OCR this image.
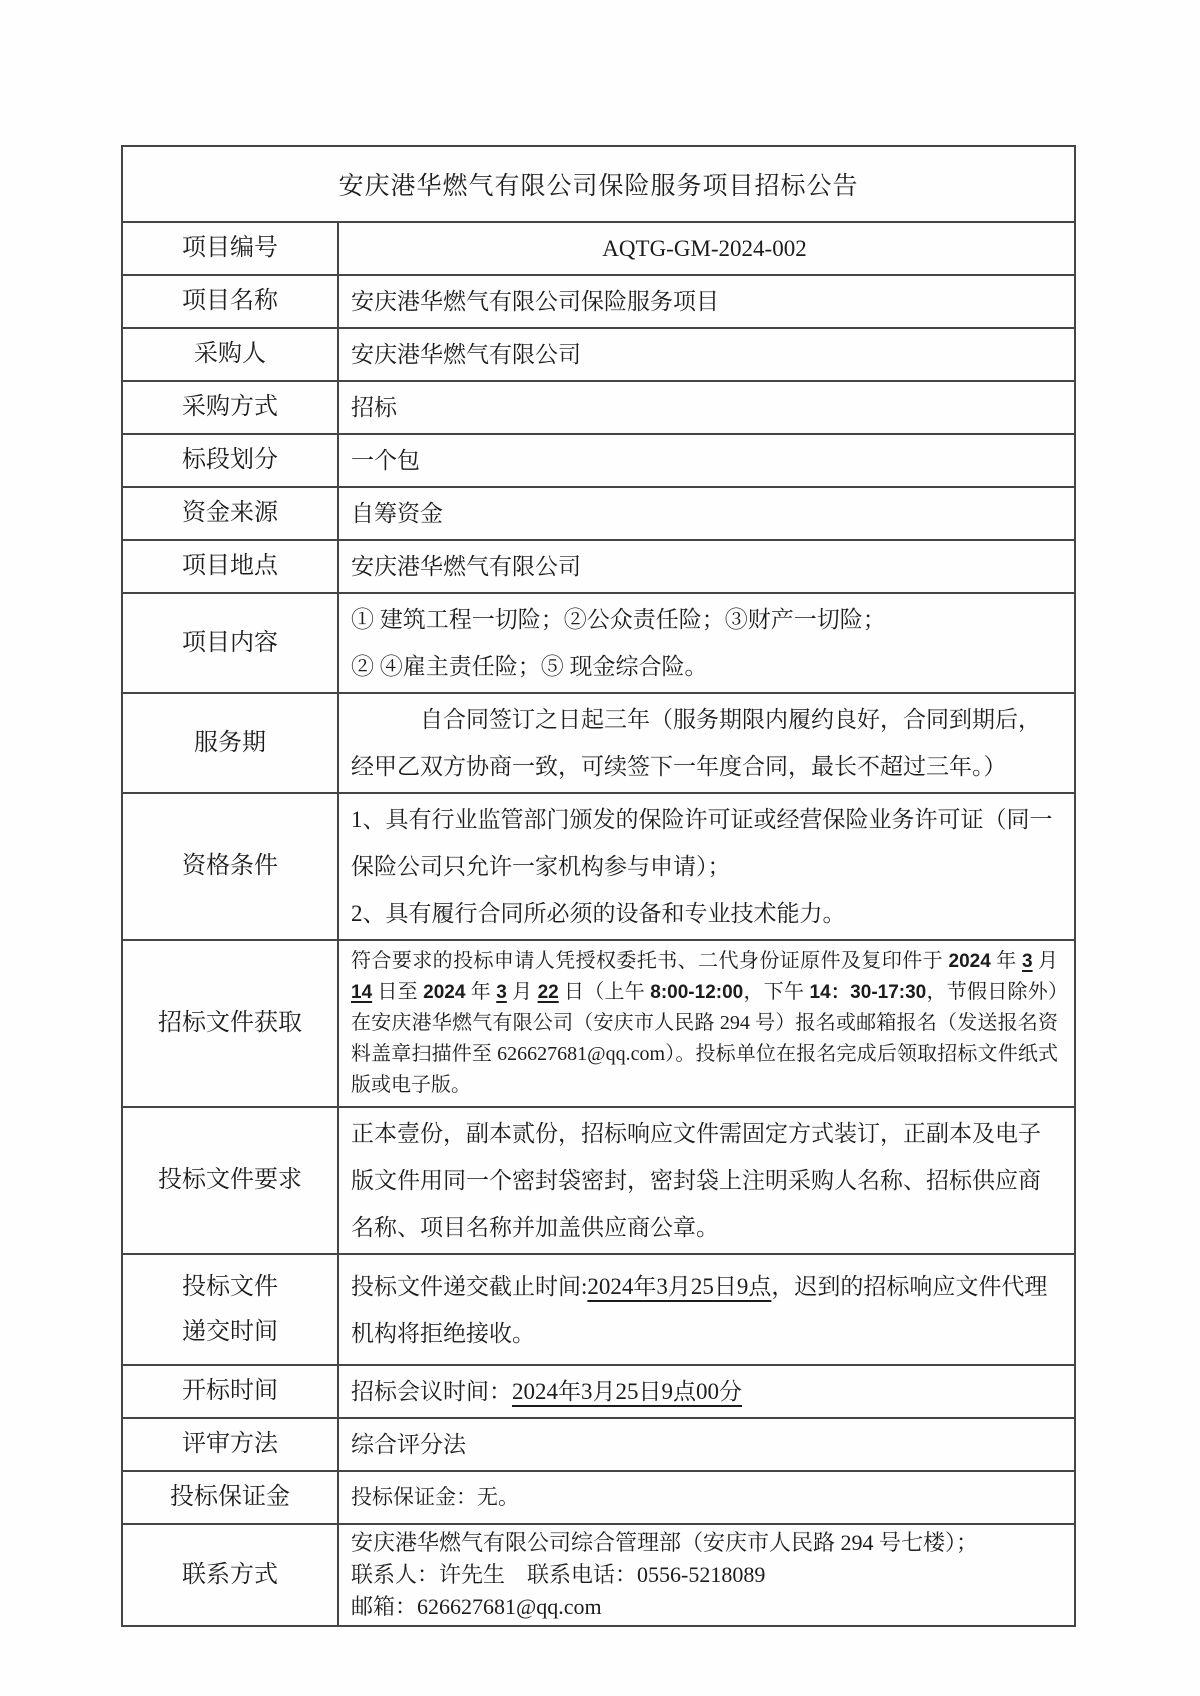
安庆港华燃气有限公司保险服务项目招标公告	

项目编号	AQTG-GM-2024-002

项目名称	安庆港华燃气有限公司保险服务项目

采购人	安庆港华燃气有限公司

采购方式	招标

标段划分	一个包

资金来源	自筹资金

项目地点	安庆港华燃气有限公司

项目内容	① 建筑工程一切险；②公众责任险；③财产一切险；
② ④雇主责任险；⑤ 现金综合险。

服务期	自合同签订之日起三年（服务期限内履约良好，合同到期后，经甲乙双方协商一致，可续签下一年度合同，最长不超过三年。）

资格条件	1、具有行业监管部门颁发的保险许可证或经营保险业务许可证（同一保险公司只允许一家机构参与申请）；
2、具有履行合同所必须的设备和专业技术能力。

招标文件获取	符合要求的投标申请人凭授权委托书、二代身份证原件及复印件于 2024 年 3 月 14 日至 2024 年 3 月 22 日（上午 8:00-12:00，下午 14：30-17:30，节假日除外）在安庆港华燃气有限公司（安庆市人民路 294 号）报名或邮箱报名（发送报名资料盖章扫描件至 626627681@qq.com）。投标单位在报名完成后领取招标文件纸式版或电子版。

投标文件要求	正本壹份，副本贰份，招标响应文件需固定方式装订，正副本及电子版文件用同一个密封袋密封，密封袋上注明采购人名称、招标供应商名称、项目名称并加盖供应商公章。

投标文件
递交时间	投标文件递交截止时间:2024年3月25日9点，迟到的招标响应文件代理机构将拒绝接收。

开标时间	招标会议时间：2024年3月25日9点00分

评审方法	综合评分法

投标保证金	投标保证金：无。

联系方式	安庆港华燃气有限公司综合管理部（安庆市人民路 294 号七楼）；
联系人：许先生　联系电话：0556-5218089
邮箱：626627681@qq.com
